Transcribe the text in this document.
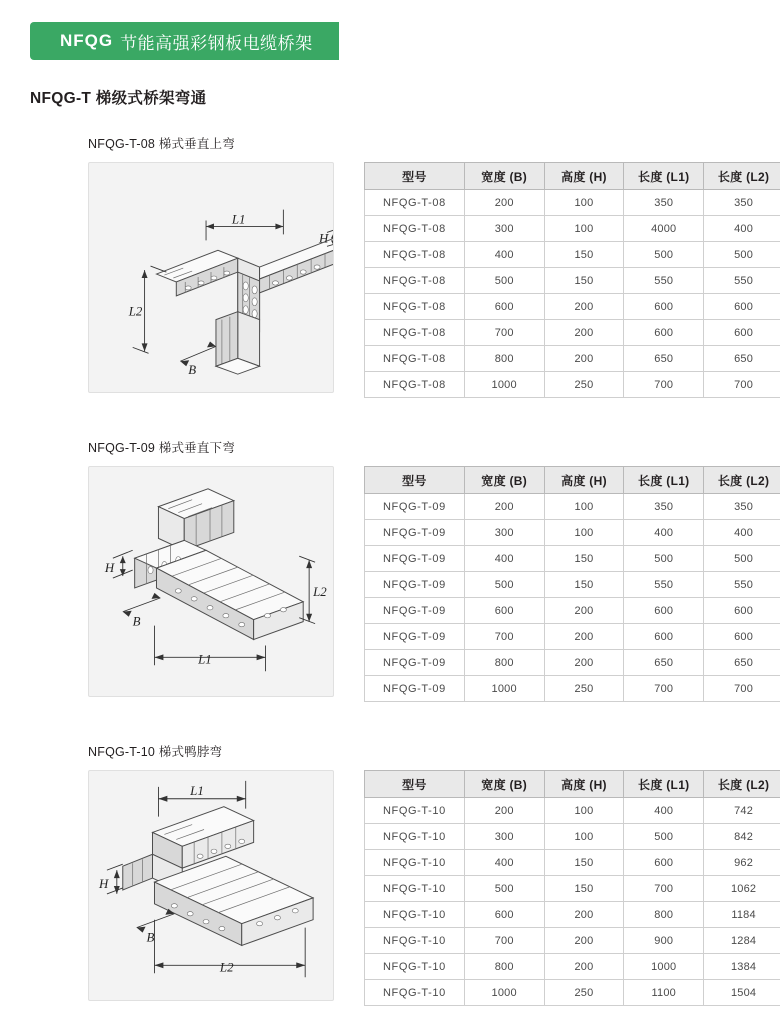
NFQG 节能高强彩钢板电缆桥架
NFQG-T 梯级式桥架弯通
NFQG-T-08 梯式垂直上弯
L1
L2
H
B
型号	宽度 (B)	高度 (H)	长度 (L1)	长度 (L2)
NFQG-T-08	200	100	350	350
NFQG-T-08	300	100	4000	400
NFQG-T-08	400	150	500	500
NFQG-T-08	500	150	550	550
NFQG-T-08	600	200	600	600
NFQG-T-08	700	200	600	600
NFQG-T-08	800	200	650	650
NFQG-T-08	1000	250	700	700
NFQG-T-09 梯式垂直下弯
H
L2
B
L1
型号	宽度 (B)	高度 (H)	长度 (L1)	长度 (L2)
NFQG-T-09	200	100	350	350
NFQG-T-09	300	100	400	400
NFQG-T-09	400	150	500	500
NFQG-T-09	500	150	550	550
NFQG-T-09	600	200	600	600
NFQG-T-09	700	200	600	600
NFQG-T-09	800	200	650	650
NFQG-T-09	1000	250	700	700
NFQG-T-10 梯式鸭脖弯
L1
H
B
L2
型号	宽度 (B)	高度 (H)	长度 (L1)	长度 (L2)
NFQG-T-10	200	100	400	742
NFQG-T-10	300	100	500	842
NFQG-T-10	400	150	600	962
NFQG-T-10	500	150	700	1062
NFQG-T-10	600	200	800	1184
NFQG-T-10	700	200	900	1284
NFQG-T-10	800	200	1000	1384
NFQG-T-10	1000	250	1100	1504
